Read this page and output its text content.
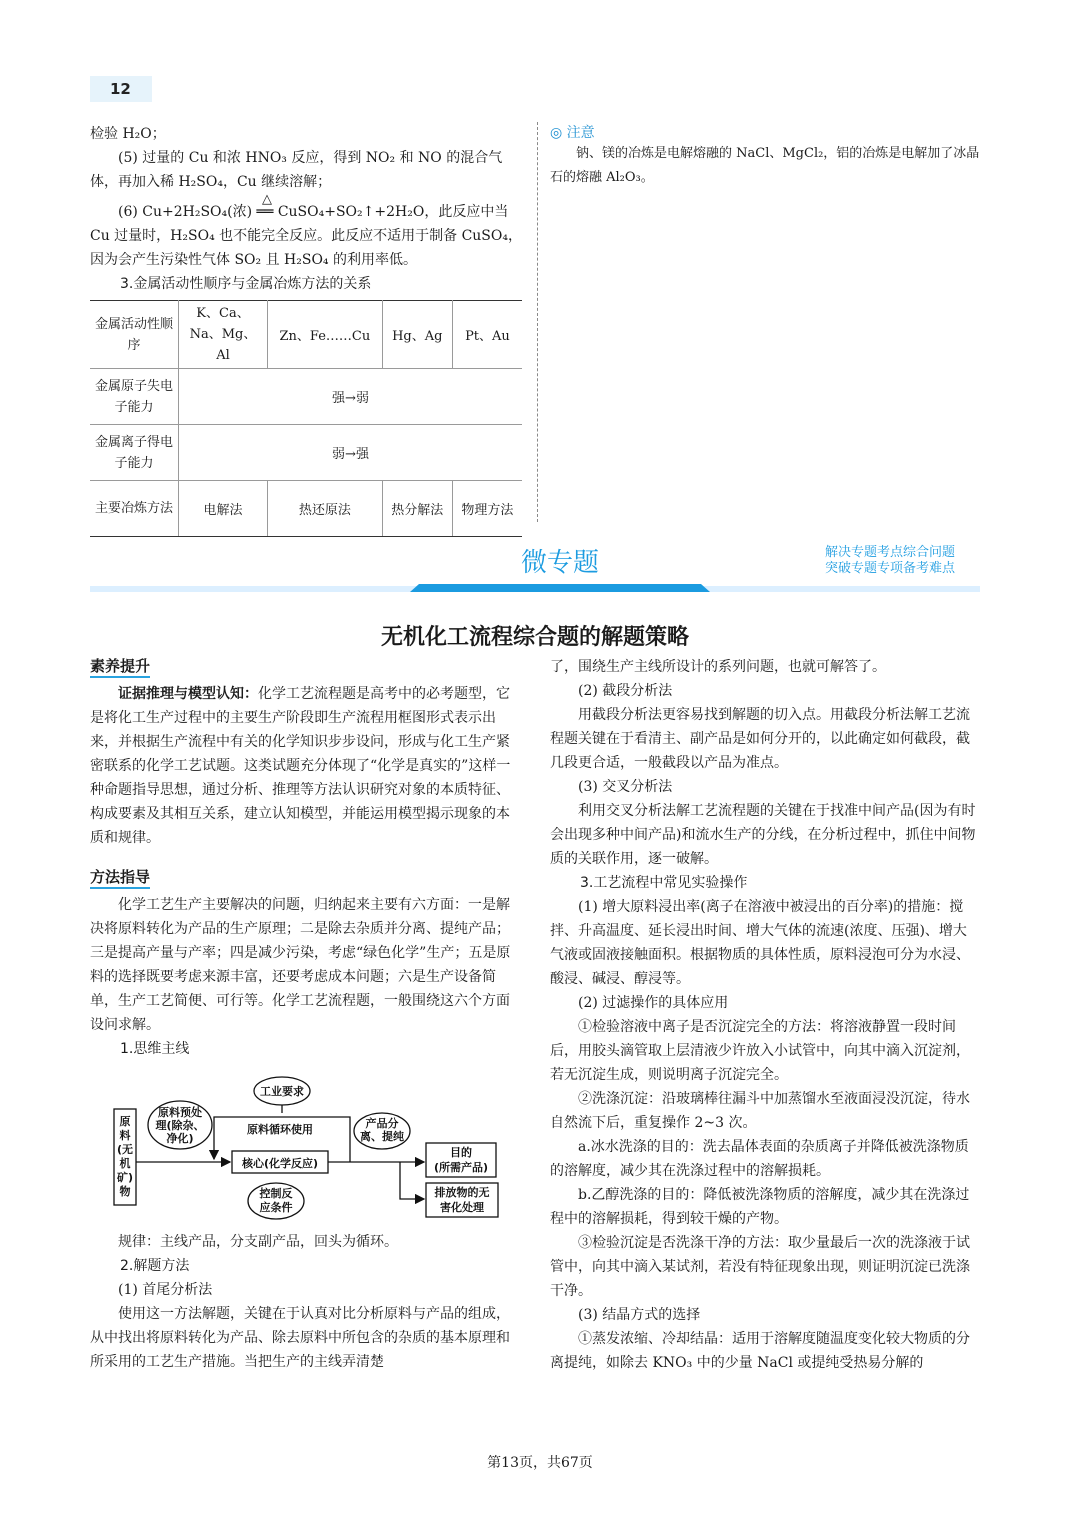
12

检验 H₂O；

(5) 过量的 Cu 和浓 HNO₃ 反应，得到 NO₂ 和 NO 的混合气体，再加入稀 H₂SO₄，Cu 继续溶解；

△

(6) Cu+2H₂SO₄(浓) ══ CuSO₄+SO₂↑+2H₂O，此反应中当 Cu 过量时，H₂SO₄ 也不能完全反应。此反应不适用于制备 CuSO₄，因为会产生污染性气体 SO₂ 且 H₂SO₄ 的利用率低。

3.金属活动性顺序与金属冶炼方法的关系

金属活动性顺序	K、Ca、Na、Mg、Al	Zn、Fe……Cu	Hg、Ag	Pt、Au
金属原子失电子能力	强→弱			
金属离子得电子能力	弱→强			
主要冶炼方法	电解法	热还原法	热分解法	物理方法
◎ 注意

钠、镁的冶炼是电解熔融的 NaCl、MgCl₂，铝的冶炼是电解加了冰晶石的熔融 Al₂O₃。

微专题	解决专题考点综合问题
突破专题专项备考难点
无机化工流程综合题的解题策略
素养提升

证据推理与模型认知：化学工艺流程题是高考中的必考题型，它是将化工生产过程中的主要生产阶段即生产流程用框图形式表示出来，并根据生产流程中有关的化学知识步步设问，形成与化工生产紧密联系的化学工艺试题。这类试题充分体现了“化学是真实的”这样一种命题指导思想，通过分析、推理等方法认识研究对象的本质特征、构成要素及其相互关系，建立认知模型，并能运用模型揭示现象的本质和规律。

方法指导

化学工艺生产主要解决的问题，归纳起来主要有六方面：一是解决将原料转化为产品的生产原理；二是除去杂质并分离、提纯产品；三是提高产量与产率；四是减少污染，考虑“绿色化学”生产；五是原料的选择既要考虑来源丰富，还要考虑成本问题；六是生产设备简单，生产工艺简便、可行等。化学工艺流程题，一般围绕这六个方面设问求解。

1.思维主线

原
料
(无
机
矿)
物
原料预处
理(除杂、
净化)
工业要求
原料循环使用
核心(化学反应)
控制反
应条件
产品分
离、提纯
目的
(所需产品)
排放物的无
害化处理

规律：主线产品，分支副产品，回头为循环。

2.解题方法

(1) 首尾分析法

使用这一方法解题，关键在于认真对比分析原料与产品的组成，从中找出将原料转化为产品、除去原料中所包含的杂质的基本原理和所采用的工艺生产措施。当把生产的主线弄清楚

了，围绕生产主线所设计的系列问题，也就可解答了。

(2) 截段分析法

用截段分析法更容易找到解题的切入点。用截段分析法解工艺流程题关键在于看清主、副产品是如何分开的，以此确定如何截段，截几段更合适，一般截段以产品为准点。

(3) 交叉分析法

利用交叉分析法解工艺流程题的关键在于找准中间产品(因为有时会出现多种中间产品)和流水生产的分线，在分析过程中，抓住中间物质的关联作用，逐一破解。

3.工艺流程中常见实验操作

(1) 增大原料浸出率(离子在溶液中被浸出的百分率)的措施：搅拌、升高温度、延长浸出时间、增大气体的流速(浓度、压强)、增大气液或固液接触面积。根据物质的具体性质，原料浸泡可分为水浸、酸浸、碱浸、醇浸等。

(2) 过滤操作的具体应用

①检验溶液中离子是否沉淀完全的方法：将溶液静置一段时间后，用胶头滴管取上层清液少许放入小试管中，向其中滴入沉淀剂，若无沉淀生成，则说明离子沉淀完全。

②洗涤沉淀：沿玻璃棒往漏斗中加蒸馏水至液面浸没沉淀，待水自然流下后，重复操作 2~3 次。

a.冰水洗涤的目的：洗去晶体表面的杂质离子并降低被洗涤物质的溶解度，减少其在洗涤过程中的溶解损耗。

b.乙醇洗涤的目的：降低被洗涤物质的溶解度，减少其在洗涤过程中的溶解损耗，得到较干燥的产物。

③检验沉淀是否洗涤干净的方法：取少量最后一次的洗涤液于试管中，向其中滴入某试剂，若没有特征现象出现，则证明沉淀已洗涤干净。

(3) 结晶方式的选择

①蒸发浓缩、冷却结晶：适用于溶解度随温度变化较大物质的分离提纯，如除去 KNO₃ 中的少量 NaCl 或提纯受热易分解的

第13页，共67页
